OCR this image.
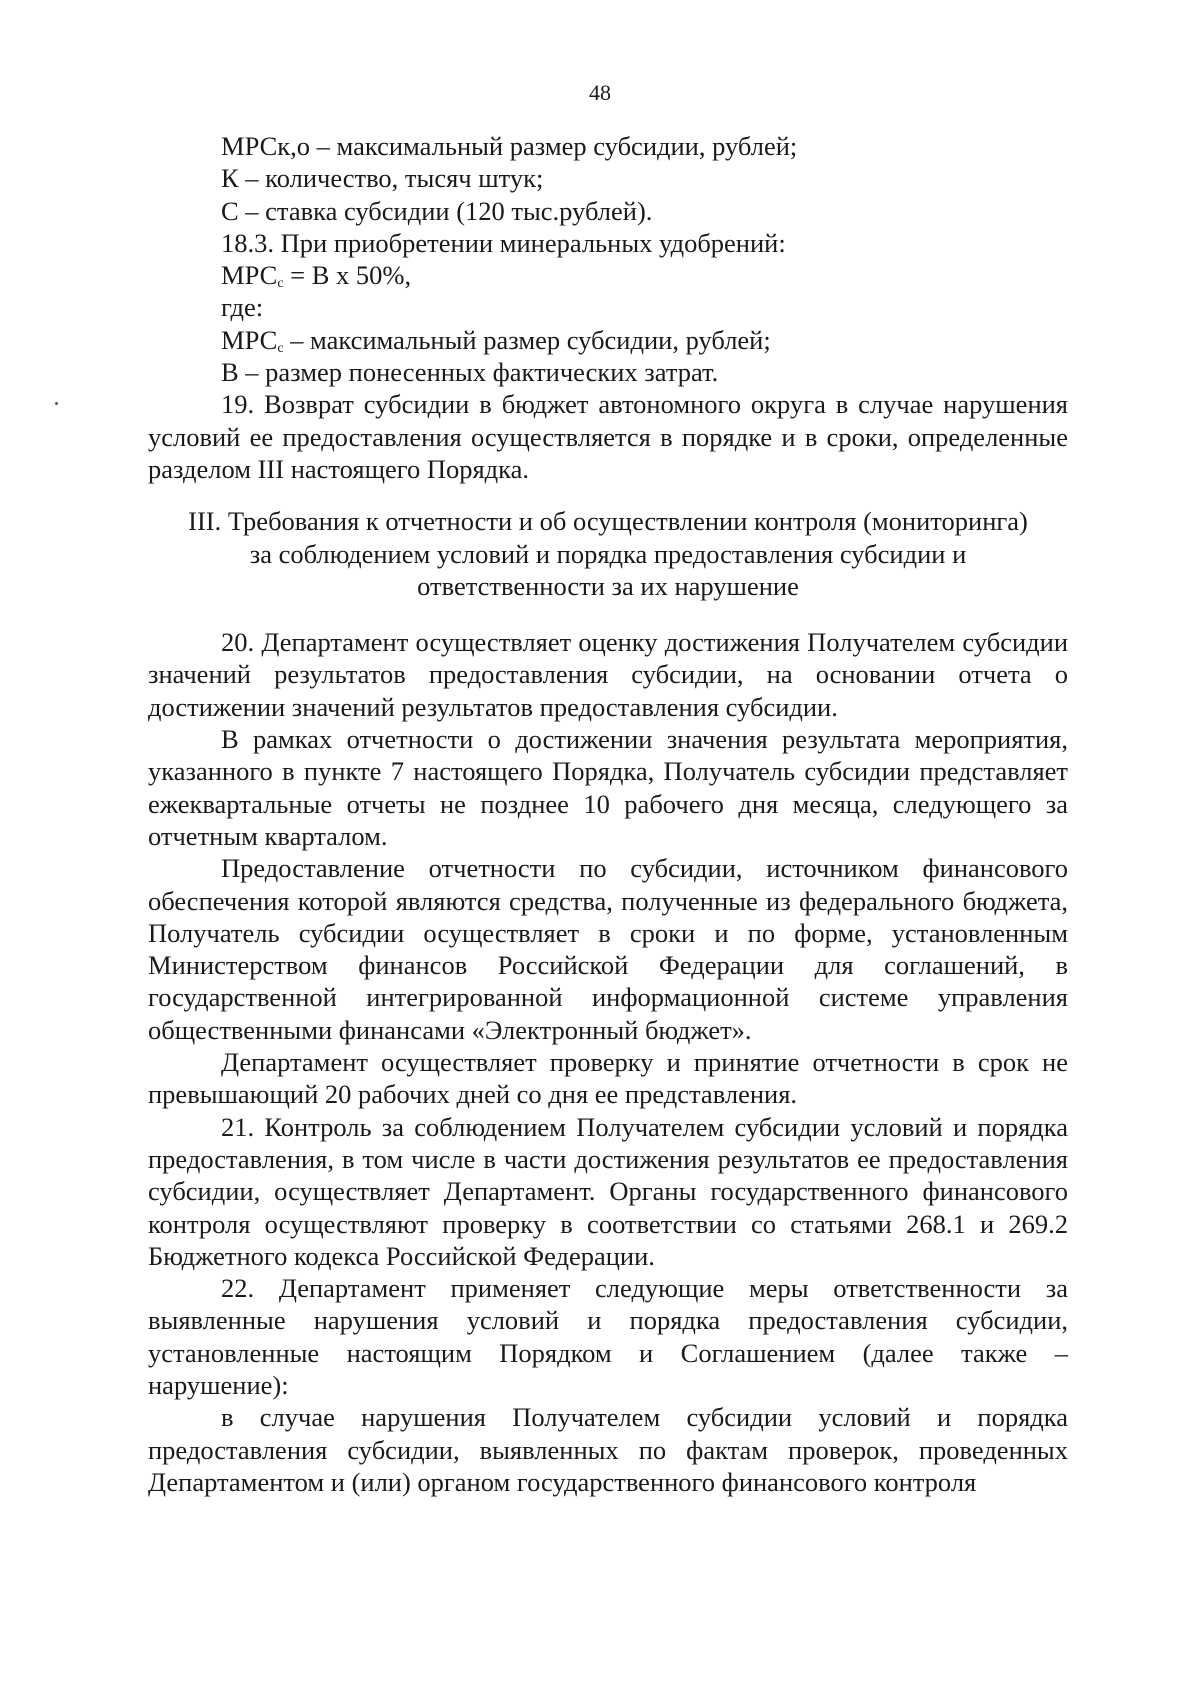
48

МРСк,о – максимальный размер субсидии, рублей;

К – количество, тысяч штук;

С – ставка субсидии (120 тыс.рублей).

18.3. При приобретении минеральных удобрений:

$МРС_с = В$ х 50%,

где:

$МРС_с$ – максимальный размер субсидии, рублей;

В – размер понесенных фактических затрат.

19. Возврат субсидии в бюджет автономного округа в случае нарушения условий ее предоставления осуществляется в порядке и в сроки, определенные разделом III настоящего Порядка.

III. Требования к отчетности и об осуществлении контроля (мониторинга)
за соблюдением условий и порядка предоставления субсидии и
ответственности за их нарушение

20. Департамент осуществляет оценку достижения Получателем субсидии значений результатов предоставления субсидии, на основании отчета о достижении значений результатов предоставления субсидии.

В рамках отчетности о достижении значения результата мероприятия, указанного в пункте 7 настоящего Порядка, Получатель субсидии представляет ежеквартальные отчеты не позднее 10 рабочего дня месяца, следующего за отчетным кварталом.

Предоставление отчетности по субсидии, источником финансового обеспечения которой являются средства, полученные из федерального бюджета, Получатель субсидии осуществляет в сроки и по форме, установленным Министерством финансов Российской Федерации для соглашений, в государственной интегрированной информационной системе управления общественными финансами «Электронный бюджет».

Департамент осуществляет проверку и принятие отчетности в срок не превышающий 20 рабочих дней со дня ее представления.

21. Контроль за соблюдением Получателем субсидии условий и порядка предоставления, в том числе в части достижения результатов ее предоставления субсидии, осуществляет Департамент. Органы государственного финансового контроля осуществляют проверку в соответствии со статьями 268.1 и 269.2 Бюджетного кодекса Российской Федерации.

22. Департамент применяет следующие меры ответственности за выявленные нарушения условий и порядка предоставления субсидии, установленные настоящим Порядком и Соглашением (далее также – нарушение):

в случае нарушения Получателем субсидии условий и порядка предоставления субсидии, выявленных по фактам проверок, проведенных Департаментом и (или) органом государственного финансового контроля
